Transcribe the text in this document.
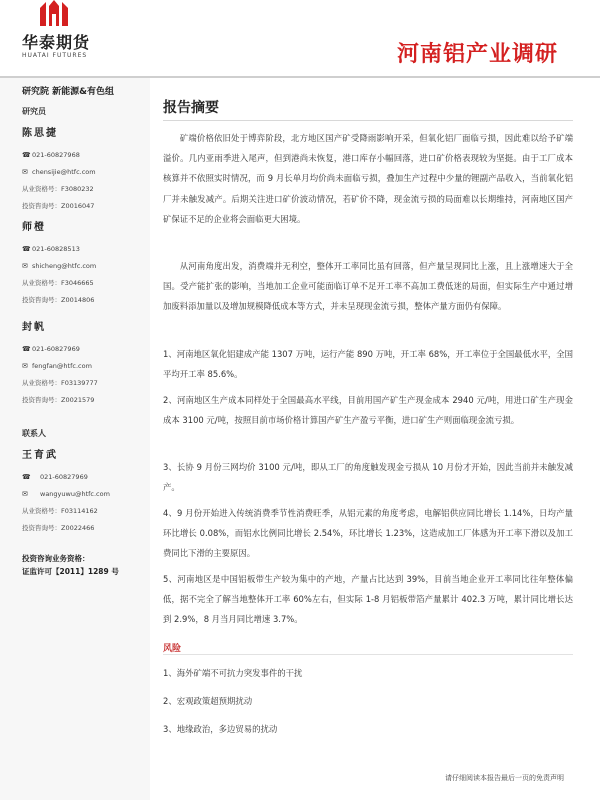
华泰期货
HUATAI FUTURES	河南铝产业调研
研究院 新能源&有色组
研究员
陈思捷
☎ 021-60827968
✉ chensijie@htfc.com
从业资格号： F3080232
投资咨询号： Z0016047
师橙
☎ 021-60828513
✉ shicheng@htfc.com
从业资格号： F3046665
投资咨询号： Z0014806
封帆
☎ 021-60827969
✉ fengfan@htfc.com
从业资格号： F03139777
投资咨询号： Z0021579
联系人
王育武
☎ 021-60827969
✉	wangyuwu@htfc.com
从业资格号： F03114162
投资咨询号： Z0022466
投资咨询业务资格：
证监许可【2011】1289 号
报告摘要

矿端价格依旧处于博弈阶段，北方地区国产矿受降雨影响开采，但氧化铝厂面临亏损，因此难以给予矿端溢价。几内亚雨季进入尾声，但到港尚未恢复，港口库存小幅回落，进口矿价格表现较为坚挺。由于工厂成本核算并不依照实时情况，而 9 月长单月均价尚未面临亏损，叠加生产过程中少量的锂副产品收入，当前氧化铝厂并未触发减产。后期关注进口矿价波动情况，若矿价不降，现金流亏损的局面难以长期维持，河南地区国产矿保证不足的企业将会面临更大困境。

从河南角度出发，消费端并无利空，整体开工率同比虽有回落，但产量呈现同比上涨，且上涨增速大于全国。受产能扩张的影响，当地加工企业可能面临订单不足开工率不高加工费低迷的局面，但实际生产中通过增加废料添加量以及增加规模降低成本等方式，并未呈现现金流亏损，整体产量方面仍有保障。

1、河南地区氧化铝建成产能 1307 万吨，运行产能 890 万吨，开工率 68%，开工率位于全国最低水平，全国平均开工率 85.6%。

2、河南地区生产成本同样处于全国最高水平线，目前用国产矿生产现金成本 2940 元/吨，用进口矿生产现金成本 3100 元/吨，按照目前市场价格计算国产矿生产盈亏平衡，进口矿生产则面临现金流亏损。

3、长协 9 月份三网均价 3100 元/吨，即从工厂的角度触发现金亏损从 10 月份才开始，因此当前并未触发减产。

4、9 月份开始进入传统消费季节性消费旺季，从铝元素的角度考虑，电解铝供应同比增长 1.14%，日均产量环比增长 0.08%，而铝水比例同比增长 2.54%，环比增长 1.23%，这造成加工厂体感为开工率下滑以及加工费同比下滑的主要原因。

5、河南地区是中国铝板带生产较为集中的产地，产量占比达到 39%，目前当地企业开工率同比往年整体偏低，据不完全了解当地整体开工率 60%左右，但实际 1-8 月铝板带箔产量累计 402.3 万吨，累计同比增长达到 2.9%，8 月当月同比增速 3.7%。

风险
1、海外矿端不可抗力突发事件的干扰
2、宏观政策超预期扰动
3、地缘政治，多边贸易的扰动
请仔细阅读本报告最后一页的免责声明
